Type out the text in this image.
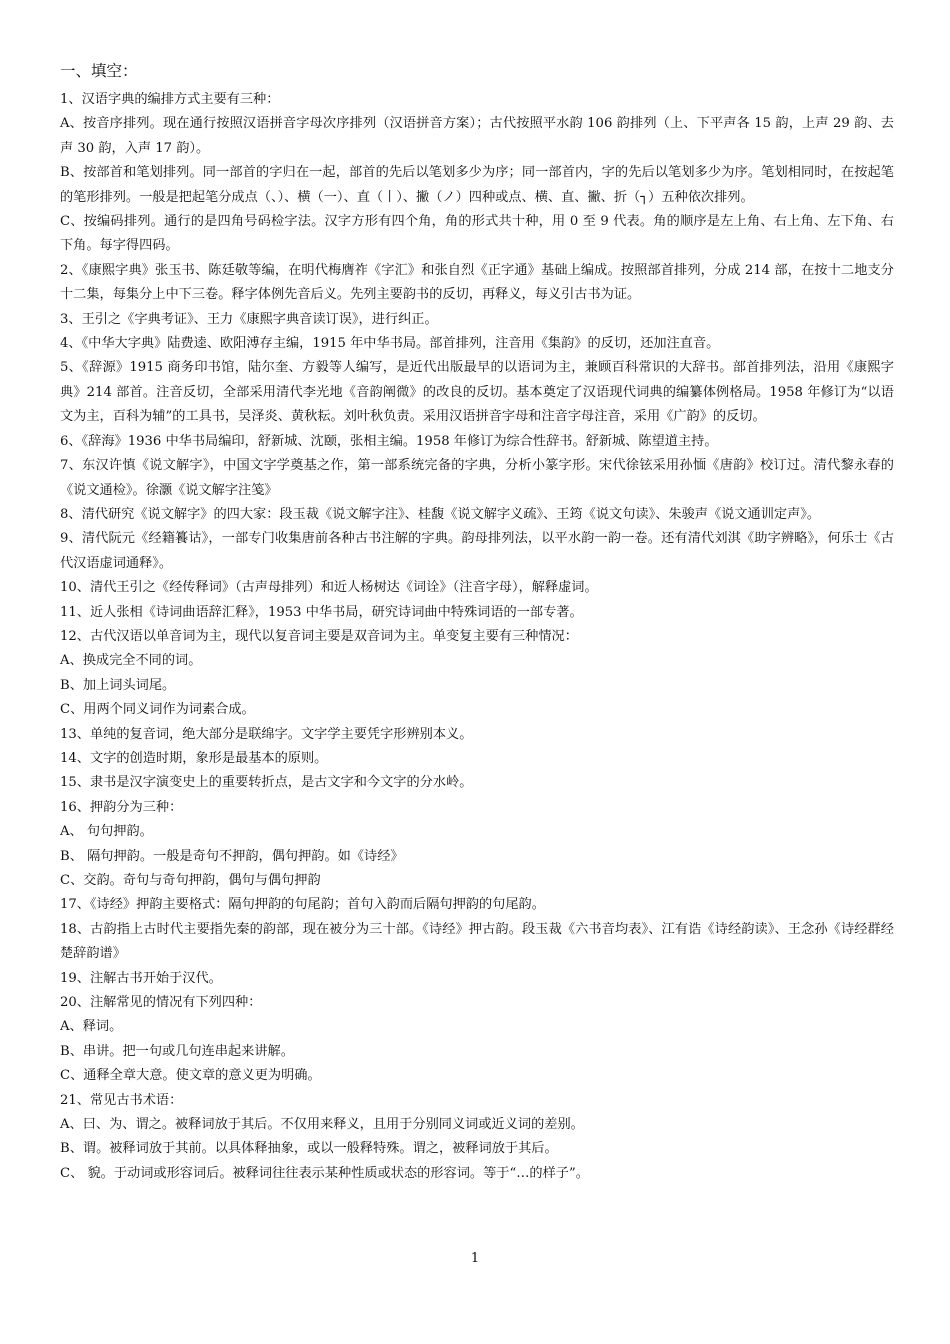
一、填空：
1、汉语字典的编排方式主要有三种：
A、按音序排列。现在通行按照汉语拼音字母次序排列（汉语拼音方案）；古代按照平水韵 106 韵排列（上、下平声各 15 韵，上声 29 韵、去声 30 韵，入声 17 韵）。
B、按部首和笔划排列。同一部首的字归在一起，部首的先后以笔划多少为序；同一部首内，字的先后以笔划多少为序。笔划相同时，在按起笔的笔形排列。一般是把起笔分成点（、）、横（一）、直（丨）、撇（ノ）四种或点、横、直、撇、折（┐）五种依次排列。
C、按编码排列。通行的是四角号码检字法。汉字方形有四个角，角的形式共十种，用 0 至 9 代表。角的顺序是左上角、右上角、左下角、右下角。每字得四码。
2、《康熙字典》张玉书、陈廷敬等编，在明代梅膺祚《字汇》和张自烈《正字通》基础上编成。按照部首排列，分成 214 部，在按十二地支分十二集，每集分上中下三卷。释字体例先音后义。先列主要韵书的反切，再释义，每义引古书为证。
3、王引之《字典考证》、王力《康熙字典音读订误》，进行纠正。
4、《中华大字典》陆费逵、欧阳溥存主编，1915 年中华书局。部首排列，注音用《集韵》的反切，还加注直音。
5、《辞源》1915 商务印书馆，陆尔奎、方毅等人编写，是近代出版最早的以语词为主，兼顾百科常识的大辞书。部首排列法，沿用《康熙字典》214 部首。注音反切，全部采用清代李光地《音韵阐微》的改良的反切。基本奠定了汉语现代词典的编纂体例格局。1958 年修订为“以语文为主，百科为辅”的工具书，吴泽炎、黄秋耘。刘叶秋负责。采用汉语拼音字母和注音字母注音，采用《广韵》的反切。
6、《辞海》1936 中华书局编印，舒新城、沈颐，张相主编。1958 年修订为综合性辞书。舒新城、陈望道主持。
7、东汉许慎《说文解字》，中国文字学奠基之作，第一部系统完备的字典，分析小篆字形。宋代徐铉采用孙愐《唐韵》校订过。清代黎永春的《说文通检》。徐灏《说文解字注笺》
8、清代研究《说文解字》的四大家：段玉裁《说文解字注》、桂馥《说文解字义疏》、王筠《说文句读》、朱骏声《说文通训定声》。
9、清代阮元《经籍籑诂》，一部专门收集唐前各种古书注解的字典。韵母排列法，以平水韵一韵一卷。还有清代刘淇《助字辨略》，何乐士《古代汉语虚词通释》。
10、清代王引之《经传释词》（古声母排列）和近人杨树达《词诠》（注音字母），解释虚词。
11、近人张相《诗词曲语辞汇释》，1953 中华书局，研究诗词曲中特殊词语的一部专著。
12、古代汉语以单音词为主，现代以复音词主要是双音词为主。单变复主要有三种情况：
A、换成完全不同的词。
B、加上词头词尾。
C、用两个同义词作为词素合成。
13、单纯的复音词，绝大部分是联绵字。文字学主要凭字形辨别本义。
14、文字的创造时期，象形是最基本的原则。
15、隶书是汉字演变史上的重要转折点，是古文字和今文字的分水岭。
16、押韵分为三种：
A、 句句押韵。
B、 隔句押韵。一般是奇句不押韵，偶句押韵。如《诗经》
C、交韵。奇句与奇句押韵，偶句与偶句押韵
17、《诗经》押韵主要格式：隔句押韵的句尾韵；首句入韵而后隔句押韵的句尾韵。
18、古韵指上古时代主要指先秦的韵部，现在被分为三十部。《诗经》押古韵。段玉裁《六书音均表》、江有诰《诗经韵读》、王念孙《诗经群经楚辞韵谱》
19、注解古书开始于汉代。
20、注解常见的情况有下列四种：
A、释词。
B、串讲。把一句或几句连串起来讲解。
C、通释全章大意。使文章的意义更为明确。
21、常见古书术语：
A、曰、为、谓之。被释词放于其后。不仅用来释义，且用于分别同义词或近义词的差别。
B、谓。被释词放于其前。以具体释抽象，或以一般释特殊。谓之，被释词放于其后。
C、 貌。于动词或形容词后。被释词往往表示某种性质或状态的形容词。等于“…的样子”。
1
